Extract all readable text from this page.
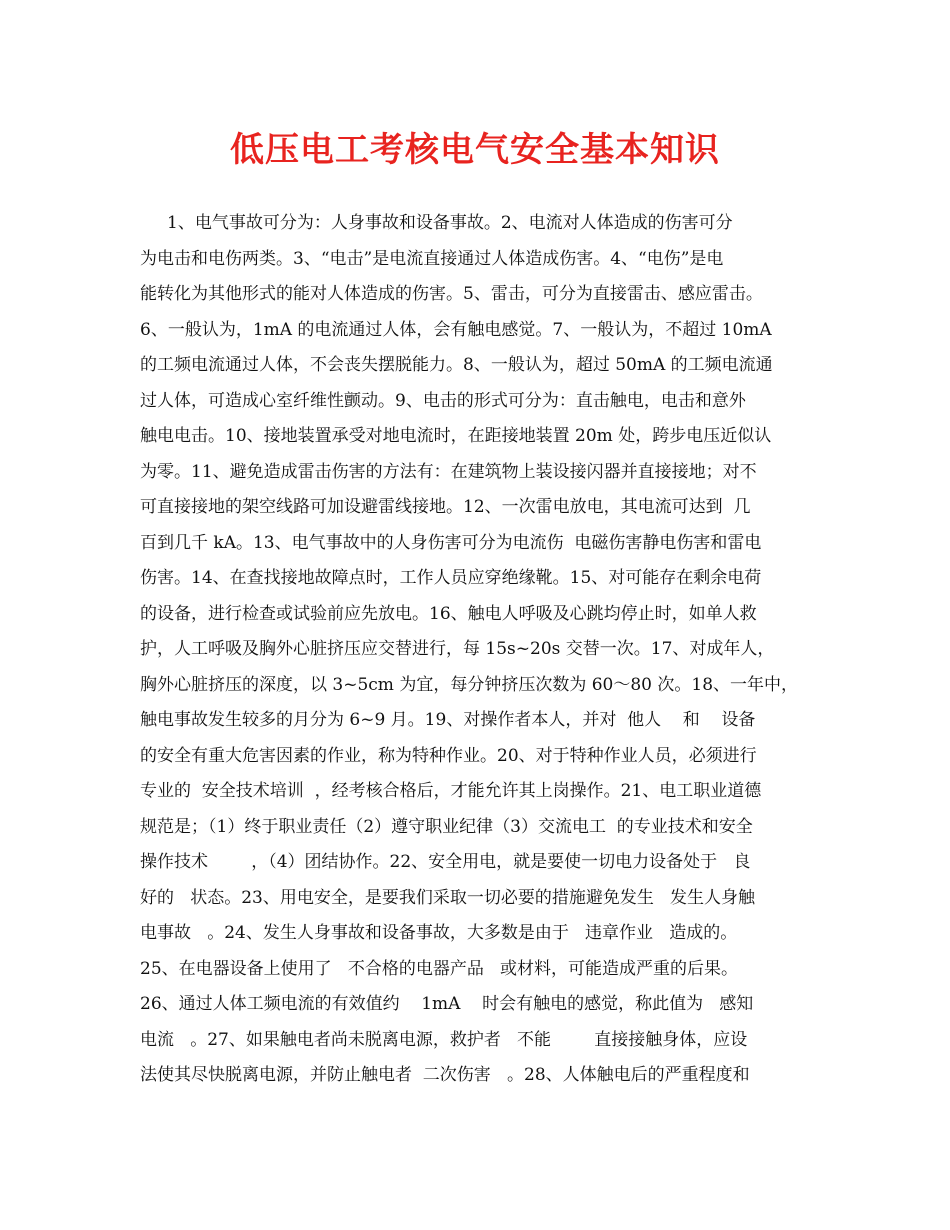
低压电工考核电气安全基本知识
1、电气事故可分为：人身事故和设备事故。2、电流对人体造成的伤害可分
为电击和电伤两类。3、“电击”是电流直接通过人体造成伤害。4、“电伤”是电
能转化为其他形式的能对人体造成的伤害。5、雷击，可分为直接雷击、感应雷击。
6、一般认为，1mA 的电流通过人体，会有触电感觉。7、一般认为，不超过 10mA
的工频电流通过人体，不会丧失摆脱能力。8、一般认为，超过 50mA 的工频电流通
过人体，可造成心室纤维性颤动。9、电击的形式可分为：直击触电，电击和意外
触电电击。10、接地装置承受对地电流时，在距接地装置 20m 处，跨步电压近似认
为零。11、避免造成雷击伤害的方法有：在建筑物上装设接闪器并直接接地；对不
可直接接地的架空线路可加设避雷线接地。12、一次雷电放电，其电流可达到  几
百到几千 kA。13、电气事故中的人身伤害可分为电流伤  电磁伤害静电伤害和雷电
伤害。14、在查找接地故障点时，工作人员应穿绝缘靴。15、对可能存在剩余电荷
的设备，进行检查或试验前应先放电。16、触电人呼吸及心跳均停止时，如单人救
护，人工呼吸及胸外心脏挤压应交替进行，每 15s~20s 交替一次。17、对成年人，
胸外心脏挤压的深度，以 3~5cm 为宜，每分钟挤压次数为 60～80 次。18、一年中，
触电事故发生较多的月分为 6~9 月。19、对操作者本人，并对  他人    和    设备
的安全有重大危害因素的作业，称为特种作业。20、对于特种作业人员，必须进行
专业的  安全技术培训  ，经考核合格后，才能允许其上岗操作。21、电工职业道德
规范是；（1）终于职业责任（2）遵守职业纪律（3）交流电工  的专业技术和安全
操作技术        ，（4）团结协作。22、安全用电，就是要使一切电力设备处于   良
好的   状态。23、用电安全，是要我们采取一切必要的措施避免发生   发生人身触
电事故   。24、发生人身事故和设备事故，大多数是由于   违章作业   造成的。
25、在电器设备上使用了   不合格的电器产品   或材料，可能造成严重的后果。
26、通过人体工频电流的有效值约    1mA    时会有触电的感觉，称此值为   感知
电流   。27、如果触电者尚未脱离电源，救护者   不能        直接接触身体，应设
法使其尽快脱离电源，并防止触电者  二次伤害   。28、人体触电后的严重程度和
